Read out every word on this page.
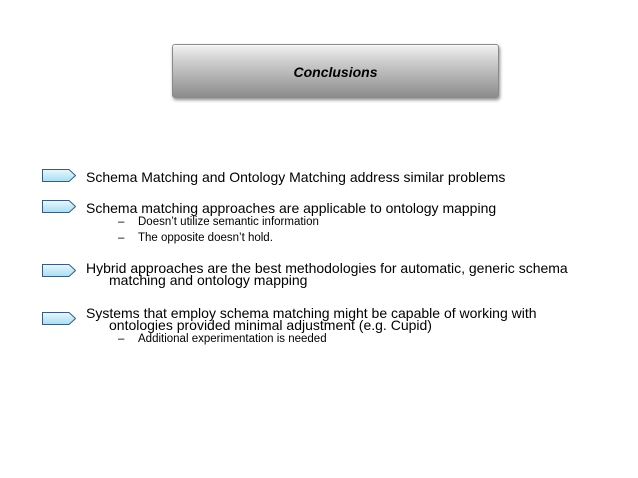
Conclusions
Schema Matching and Ontology Matching address similar problems
Schema matching approaches are applicable to ontology mapping
– Doesn’t utilize semantic information
– The opposite doesn’t hold.
Hybrid approaches are the best methodologies for automatic, generic schema
matching and ontology mapping
Systems that employ schema matching might be capable of working with
ontologies provided minimal adjustment (e.g. Cupid)
– Additional experimentation is needed
